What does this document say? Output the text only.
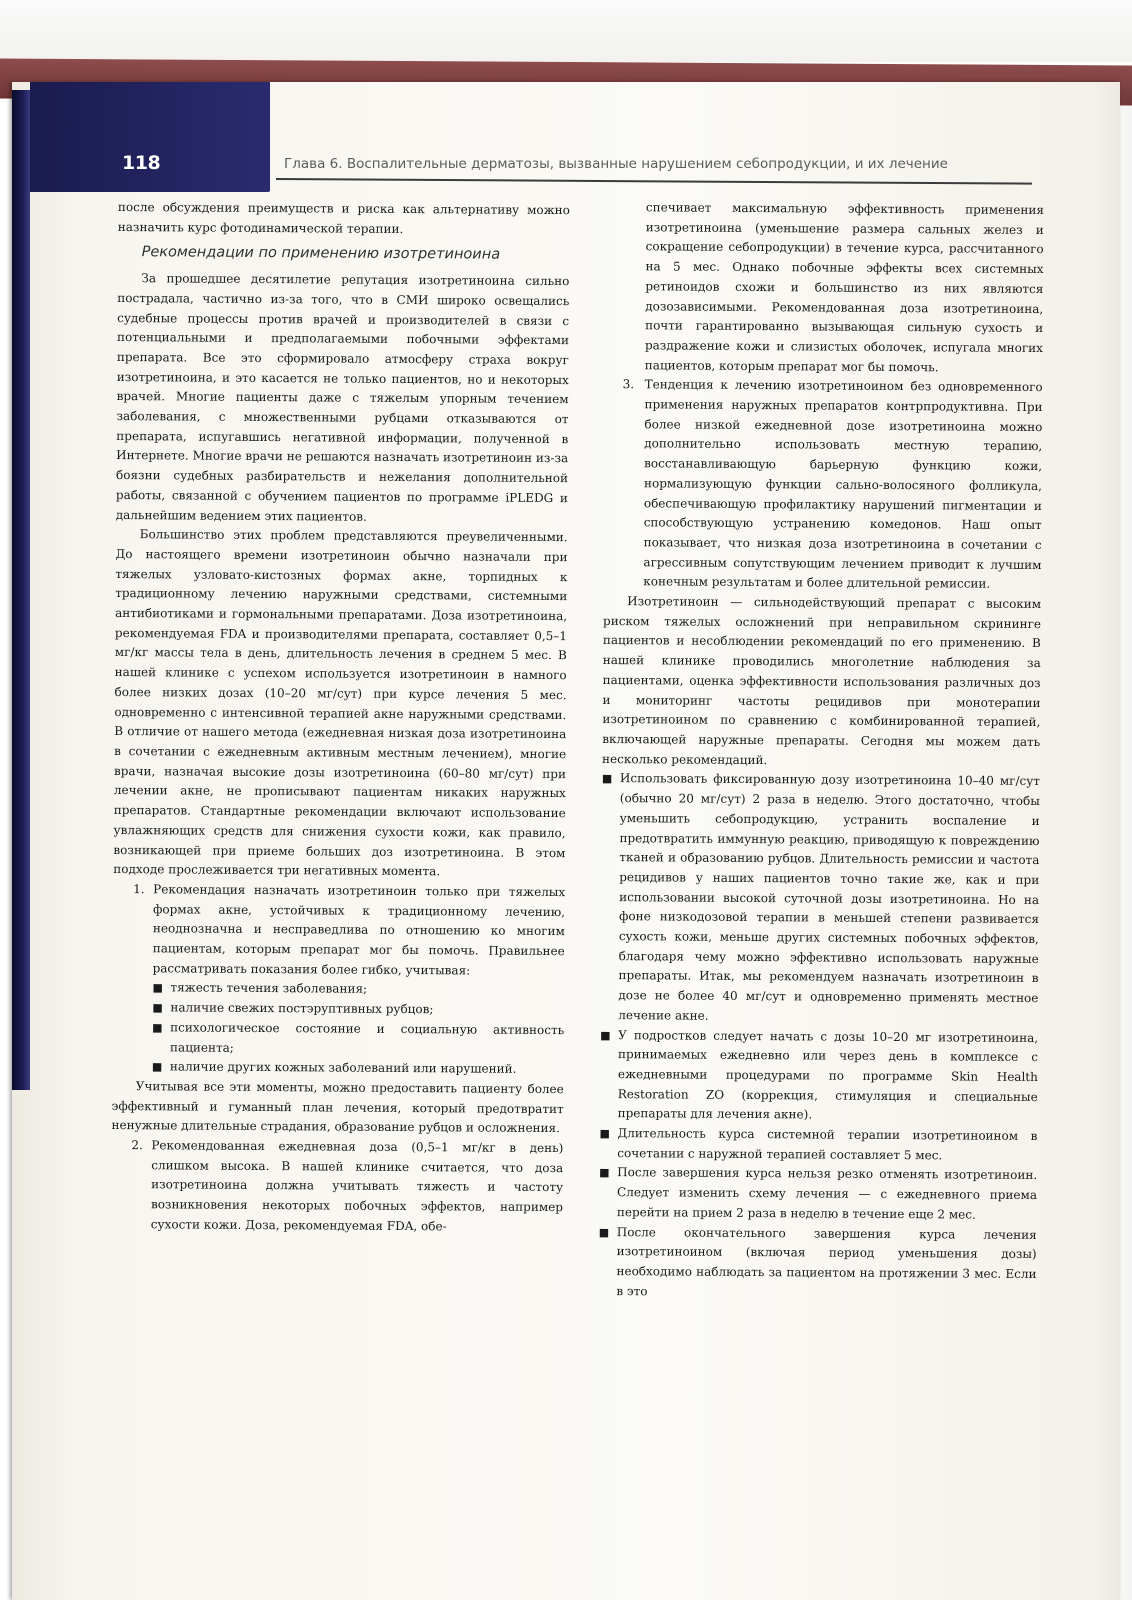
118	Глава 6. Воспалительные дерматозы, вызванные нарушением себопродукции, и их лечение

после обсуждения преимуществ и риска как альтернативу можно назначить курс фотодинамической терапии.

Рекомендации по применению изотретиноина

За прошедшее десятилетие репутация изотретиноина сильно пострадала, частично из-за того, что в СМИ широко освещались судебные процессы против врачей и производителей в связи с потенциальными и предполагаемыми побочными эффектами препарата. Все это сформировало атмосферу страха вокруг изотретиноина, и это касается не только пациентов, но и некоторых врачей. Многие пациенты даже с тяжелым упорным течением заболевания, с множественными рубцами отказываются от препарата, испугавшись негативной информации, полученной в Интернете. Многие врачи не решаются назначать изотретиноин из-за боязни судебных разбирательств и нежелания дополнительной работы, связанной с обучением пациентов по программе iPLEDG и дальнейшим ведением этих пациентов.

Большинство этих проблем представляются преувеличенными. До настоящего времени изотретиноин обычно назначали при тяжелых узловато-кистозных формах акне, торпидных к традиционному лечению наружными средствами, системными антибиотиками и гормональными препаратами. Доза изотретиноина, рекомендуемая FDA и производителями препарата, составляет 0,5–1 мг/кг массы тела в день, длительность лечения в среднем 5 мес. В нашей клинике с успехом используется изотретиноин в намного более низких дозах (10–20 мг/сут) при курсе лечения 5 мес. одновременно с интенсивной терапией акне наружными средствами. В отличие от нашего метода (ежедневная низкая доза изотретиноина в сочетании с ежедневным активным местным лечением), многие врачи, назначая высокие дозы изотретиноина (60–80 мг/сут) при лечении акне, не прописывают пациентам никаких наружных препаратов. Стандартные рекомендации включают использование увлажняющих средств для снижения сухости кожи, как правило, возникающей при приеме больших доз изотретиноина. В этом подходе прослеживается три негативных момента.

1. Рекомендация назначать изотретиноин только при тяжелых формах акне, устойчивых к традиционному лечению, неоднозначна и несправедлива по отношению ко многим пациентам, которым препарат мог бы помочь. Правильнее рассматривать показания более гибко, учитывая:
■ тяжесть течения заболевания;
■ наличие свежих постэруптивных рубцов;
■ психологическое состояние и социальную активность пациента;
■ наличие других кожных заболеваний или нарушений.

Учитывая все эти моменты, можно предоставить пациенту более эффективный и гуманный план лечения, который предотвратит ненужные длительные страдания, образование рубцов и осложнения.

2. Рекомендованная ежедневная доза (0,5–1 мг/кг в день) слишком высока. В нашей клинике считается, что доза изотретиноина должна учитывать тяжесть и частоту возникновения некоторых побочных эффектов, например сухости кожи. Доза, рекомендуемая FDA, обе-

спечивает максимальную эффективность применения изотретиноина (уменьшение размера сальных желез и сокращение себопродукции) в течение курса, рассчитанного на 5 мес. Однако побочные эффекты всех системных ретиноидов схожи и большинство из них являются дозозависимыми. Рекомендованная доза изотретиноина, почти гарантированно вызывающая сильную сухость и раздражение кожи и слизистых оболочек, испугала многих пациентов, которым препарат мог бы помочь.

3. Тенденция к лечению изотретиноином без одновременного применения наружных препаратов контрпродуктивна. При более низкой ежедневной дозе изотретиноина можно дополнительно использовать местную терапию, восстанавливающую барьерную функцию кожи, нормализующую функции сально-волосяного фолликула, обеспечивающую профилактику нарушений пигментации и способствующую устранению комедонов. Наш опыт показывает, что низкая доза изотретиноина в сочетании с агрессивным сопутствующим лечением приводит к лучшим конечным результатам и более длительной ремиссии.

Изотретиноин — сильнодействующий препарат с высоким риском тяжелых осложнений при неправильном скрининге пациентов и несоблюдении рекомендаций по его применению. В нашей клинике проводились многолетние наблюдения за пациентами, оценка эффективности использования различных доз и мониторинг частоты рецидивов при монотерапии изотретиноином по сравнению с комбинированной терапией, включающей наружные препараты. Сегодня мы можем дать несколько рекомендаций.

■ Использовать фиксированную дозу изотретиноина 10–40 мг/сут (обычно 20 мг/сут) 2 раза в неделю. Этого достаточно, чтобы уменьшить себопродукцию, устранить воспаление и предотвратить иммунную реакцию, приводящую к повреждению тканей и образованию рубцов. Длительность ремиссии и частота рецидивов у наших пациентов точно такие же, как и при использовании высокой суточной дозы изотретиноина. Но на фоне низкодозовой терапии в меньшей степени развивается сухость кожи, меньше других системных побочных эффектов, благодаря чему можно эффективно использовать наружные препараты. Итак, мы рекомендуем назначать изотретиноин в дозе не более 40 мг/сут и одновременно применять местное лечение акне.
■ У подростков следует начать с дозы 10–20 мг изотретиноина, принимаемых ежедневно или через день в комплексе с ежедневными процедурами по программе Skin Health Restoration ZO (коррекция, стимуляция и специальные препараты для лечения акне).
■ Длительность курса системной терапии изотретиноином в сочетании с наружной терапией составляет 5 мес.
■ После завершения курса нельзя резко отменять изотретиноин. Следует изменить схему лечения — с ежедневного приема перейти на прием 2 раза в неделю в течение еще 2 мес.
■ После окончательного завершения курса лечения изотретиноином (включая период уменьшения дозы) необходимо наблюдать за пациентом на протяжении 3 мес. Если в это
